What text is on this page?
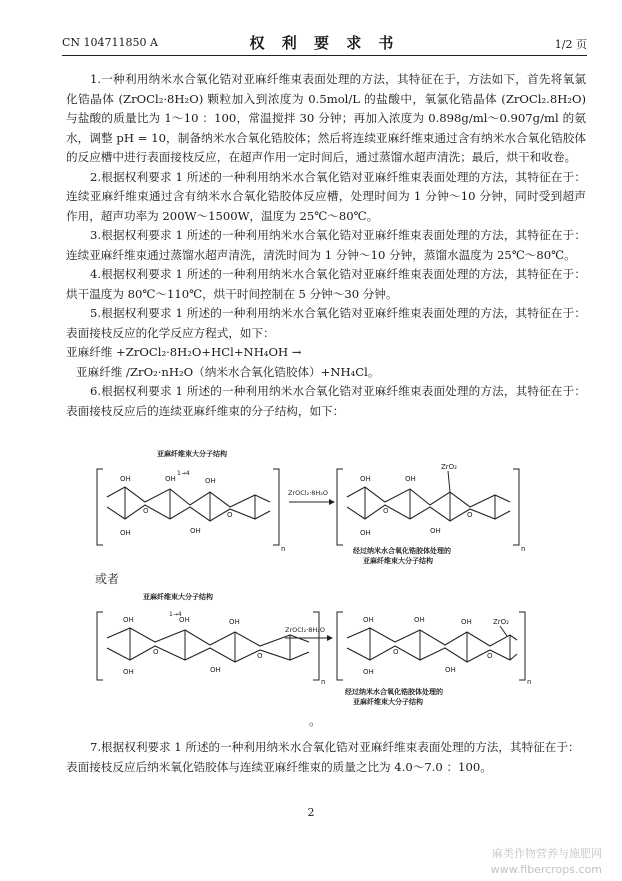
CN 104711850 A	权 利 要 求 书	1/2 页

1.一种利用纳米水合氧化锆对亚麻纤维束表面处理的方法，其特征在于，方法如下，首先将氧氯化锆晶体 (ZrOCl₂·8H₂O) 颗粒加入到浓度为 0.5mol/L 的盐酸中，氧氯化锆晶体 (ZrOCl₂.8H₂O) 与盐酸的质量比为 1～10 ：100，常温搅拌 30 分钟；再加入浓度为 0.898g/ml～0.907g/ml 的氨水，调整 pH = 10，制备纳米水合氧化锆胶体；然后将连续亚麻纤维束通过含有纳米水合氧化锆胶体的反应槽中进行表面接枝反应，在超声作用一定时间后，通过蒸馏水超声清洗；最后，烘干和收卷。

2.根据权利要求 1 所述的一种利用纳米水合氧化锆对亚麻纤维束表面处理的方法，其特征在于：连续亚麻纤维束通过含有纳米水合氧化锆胶体反应槽，处理时间为 1 分钟～10 分钟，同时受到超声作用，超声功率为 200W～1500W，温度为 25℃～80℃。

3.根据权利要求 1 所述的一种利用纳米水合氧化锆对亚麻纤维束表面处理的方法，其特征在于：连续亚麻纤维束通过蒸馏水超声清洗，清洗时间为 1 分钟～10 分钟，蒸馏水温度为 25℃～80℃。

4.根据权利要求 1 所述的一种利用纳米水合氧化锆对亚麻纤维束表面处理的方法，其特征在于：烘干温度为 80℃～110℃，烘干时间控制在 5 分钟～30 分钟。

5.根据权利要求 1 所述的一种利用纳米水合氧化锆对亚麻纤维束表面处理的方法，其特征在于：表面接枝反应的化学反应方程式，如下：

亚麻纤维 +ZrOCl₂·8H₂O+HCl+NH₄OH →

亚麻纤维 /ZrO₂·nH₂O（纳米水合氧化锆胶体）+NH₄Cl。

6.根据权利要求 1 所述的一种利用纳米水合氧化锆对亚麻纤维束表面处理的方法，其特征在于：表面接枝反应后的连续亚麻纤维束的分子结构，如下：

亚麻纤维束大分子结构
1→4
n
OH	OH	OH
OH	OH
O	O
ZrOCl₂·8H₂O
n
ZrO₂
OH	OH
OH	OH
O	O
经过纳米水合氧化锆胶体处理的
亚麻纤维束大分子结构
或者
亚麻纤维束大分子结构
1→4
n
OH	OH	OH
OH	OH
O	O
ZrOCl₂·8H₂O
n
ZrO₂
OH	OH	OH
OH	OH
O	O
经过纳米水合氧化锆胶体处理的
亚麻纤维束大分子结构
。

7.根据权利要求 1 所述的一种利用纳米水合氧化锆对亚麻纤维束表面处理的方法，其特征在于：表面接枝反应后纳米氧化锆胶体与连续亚麻纤维束的质量之比为 4.0～7.0 ：100。

2
麻类作物营养与施肥网
www.fibercrops.com
